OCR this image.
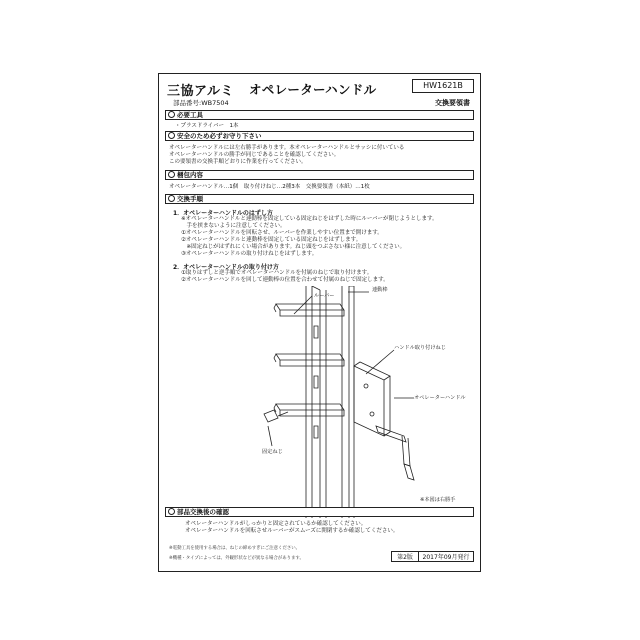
三協アルミ オペレーターハンドル	HW1621B
部品番号:WB7504	交換要領書
必要工具
・プラスドライバー　1本
安全のため必ずお守り下さい
オペレーターハンドルには左右勝手があります。本オペレーターハンドルとサッシに付いている
オペレーターハンドルの勝手が同じであることを確認してください。
この要領書の交換手順どおりに作業を行ってください。
梱包内容
オペレーターハンドル…1個　取り付けねじ…2種3本　交換要領書（本紙）…1枚
交換手順
1．オペレーターハンドルのはずし方
※オペレーターハンドルと連動棒を固定している固定ねじをはずした時にルーバーが閉じようとします。
　手を挟まないように注意してください。
①オペレーターハンドルを回転させ、ルーバーを作業しやすい位置まで開けます。
②オペレーターハンドルと連動棒を固定している固定ねじをはずします。
　※固定ねじがはずれにくい場合があります。ねじ頭をつぶさない様に注意してください。
③オペレーターハンドルの取り付けねじをはずします。
2．オペレーターハンドルの取り付け方
①取りはずしと逆手順でオペレーターハンドルを付属のねじで取り付けます。
②オペレーターハンドルを回して連動棒の位置を合わせて付属のねじで固定します。
連動棒
ルーバー
ハンドル取り付けねじ
オペレーターハンドル
固定ねじ
※本図は右勝手
部品交換後の確認
オペレーターハンドルがしっかりと固定されているか確認してください。
オペレーターハンドルを回転させルーバーがスムーズに開閉するか確認してください。
※電動工具を使用する場合は、ねじの締めすぎにご注意ください。
※機種・タイプによっては、外観形状などが異なる場合があります。	第2版	2017年09月発行
